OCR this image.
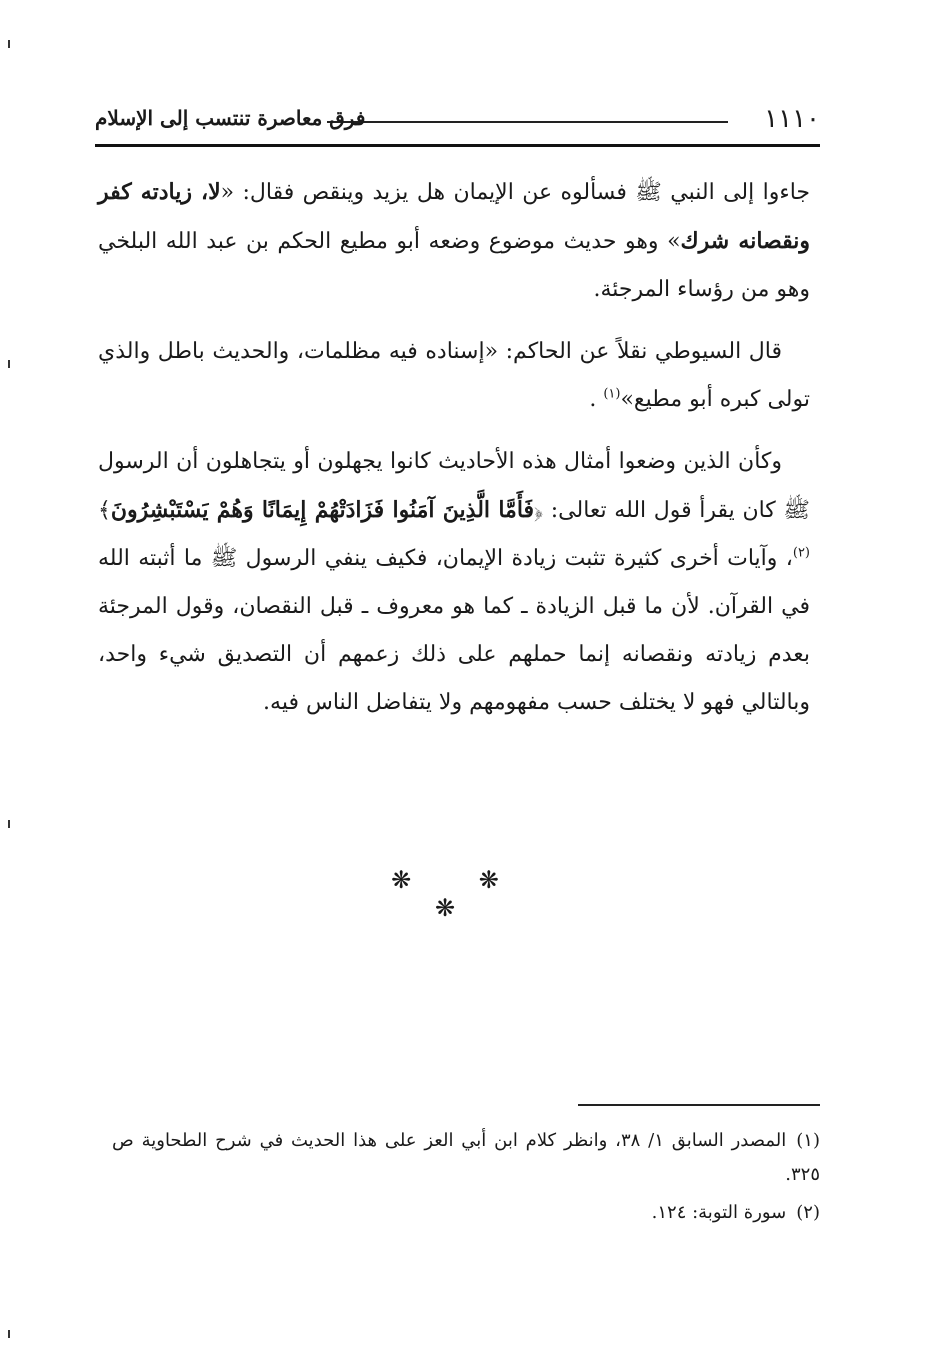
١١١٠
فرق معاصرة تنتسب إلى الإسلام

جاءوا إلى النبي ﷺ فسألوه عن الإيمان هل يزيد وينقص فقال: «لا، زيادته كفر ونقصانه شرك» وهو حديث موضوع وضعه أبو مطيع الحكم بن عبد الله البلخي وهو من رؤساء المرجئة.

قال السيوطي نقلاً عن الحاكم: «إسناده فيه مظلمات، والحديث باطل والذي تولى كبره أبو مطيع»$^{(١)}$ .

وكأن الذين وضعوا أمثال هذه الأحاديث كانوا يجهلون أو يتجاهلون أن الرسول ﷺ كان يقرأ قول الله تعالى: ﴿فَأَمَّا الَّذِينَ آمَنُوا فَزَادَتْهُمْ إِيمَانًا وَهُمْ يَسْتَبْشِرُونَ﴾$^{(٢)}$، وآيات أخرى كثيرة تثبت زيادة الإيمان، فكيف ينفي الرسول ﷺ ما أثبته الله في القرآن. لأن ما قبل الزيادة ـ كما هو معروف ـ قبل النقصان، وقول المرجئة بعدم زيادته ونقصانه إنما حملهم على ذلك زعمهم أن التصديق شيء واحد، وبالتالي فهو لا يختلف حسب مفهومهم ولا يتفاضل الناس فيه.

❋ ❋ ❋

(١)المصدر السابق ١/ ٣٨، وانظر كلام ابن أبي العز على هذا الحديث في شرح الطحاوية ص ٣٢٥.

(٢)سورة التوبة: ١٢٤.
